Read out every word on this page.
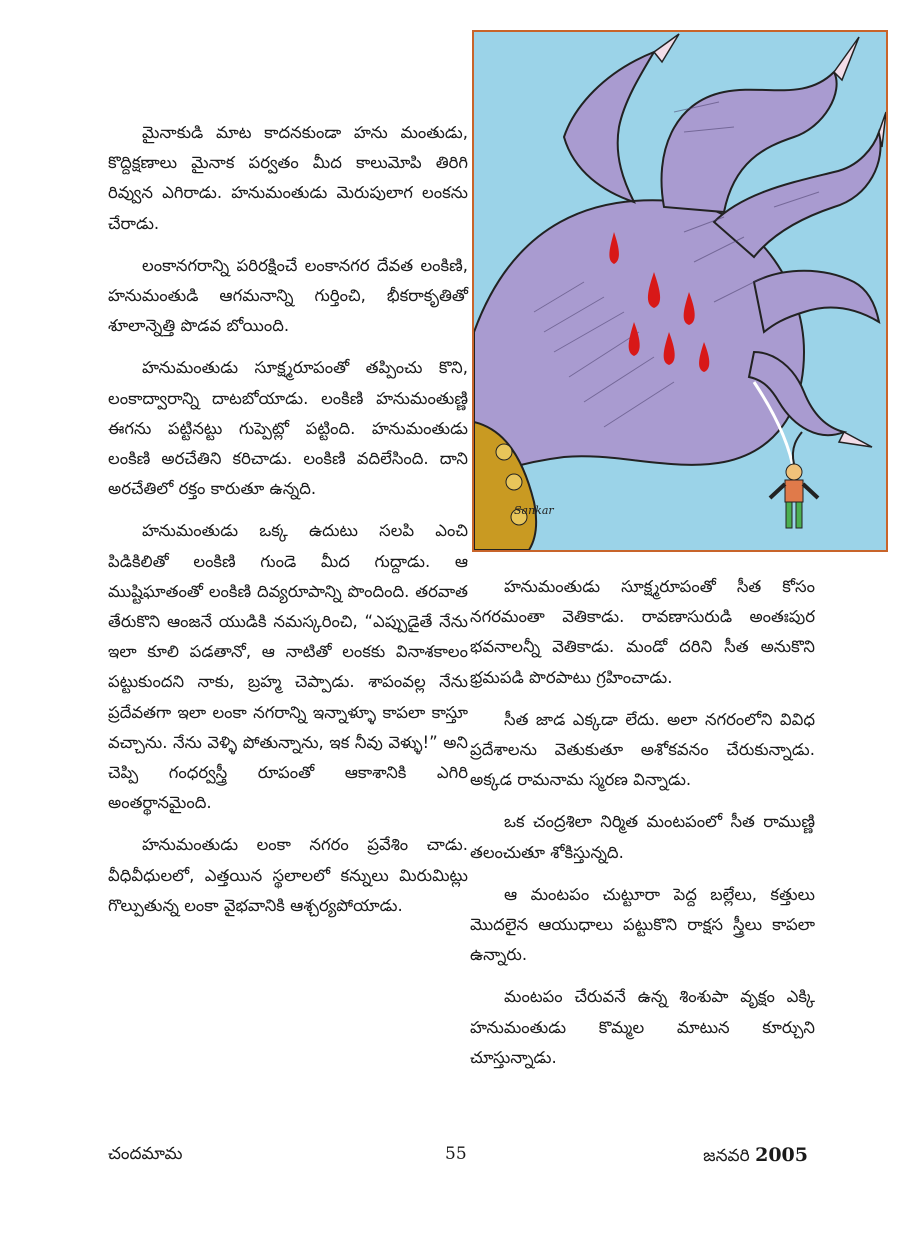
మైనాకుడి మాట కాదనకుండా హను మంతుడు, కొద్దిక్షణాలు మైనాక పర్వతం మీద కాలుమోపి తిరిగి రివ్వున ఎగిరాడు. హనుమంతుడు మెరుపులాగ లంకను చేరాడు.

లంకానగరాన్ని పరిరక్షించే లంకానగర దేవత లంకిణి, హనుమంతుడి ఆగమనాన్ని గుర్తించి, భీకరాకృతితో శూలాన్నెత్తి పొడవ బోయింది.

హనుమంతుడు సూక్ష్మరూపంతో తప్పించు కొని, లంకాద్వారాన్ని దాటబోయాడు. లంకిణి హనుమంతుణ్ణి ఈగను పట్టినట్టు గుప్పెట్లో పట్టింది. హనుమంతుడు లంకిణి అరచేతిని కరిచాడు. లంకిణి వదిలేసింది. దాని అరచేతిలో రక్తం కారుతూ ఉన్నది.

హనుమంతుడు ఒక్క ఉదుటు సలపి ఎంచి పిడికిలితో లంకిణి గుండె మీద గుద్దాడు. ఆ ముష్టిఘాతంతో లంకిణి దివ్యరూపాన్ని పొందింది. తరవాత తేరుకొని ఆంజనే యుడికి నమస్కరించి, “ఎప్పుడైతే నేను ఇలా కూలి పడతానో, ఆ నాటితో లంకకు వినాశకాలం పట్టుకుందని నాకు, బ్రహ్మ చెప్పాడు. శాపంవల్ల నేను ప్రదేవతగా ఇలా లంకా నగరాన్ని ఇన్నాళ్ళూ కాపలా కాస్తూ వచ్చాను. నేను వెళ్ళి పోతున్నాను, ఇక నీవు వెళ్ళు!” అని చెప్పి గంధర్వస్త్రీ రూపంతో ఆకాశానికి ఎగిరి అంతర్థానమైంది.

హనుమంతుడు లంకా నగరం ప్రవేశిం చాడు. వీధివీధులలో, ఎత్తయిన స్థలాలలో కన్నులు మిరుమిట్లు గొల్పుతున్న లంకా వైభవానికి ఆశ్చర్యపోయాడు.

Sankar

హనుమంతుడు సూక్ష్మరూపంతో సీత కోసం నగరమంతా వెతికాడు. రావణాసురుడి అంతఃపుర భవనాలన్నీ వెతికాడు. మండో దరిని సీత అనుకొని భ్రమపడి పొరపాటు గ్రహించాడు.

సీత జాడ ఎక్కడా లేదు. అలా నగరంలోని వివిధ ప్రదేశాలను వెతుకుతూ అశోకవనం చేరుకున్నాడు. అక్కడ రామనామ స్మరణ విన్నాడు.

ఒక చంద్రశిలా నిర్మిత మంటపంలో సీత రాముణ్ణి తలంచుతూ శోకిస్తున్నది.

ఆ మంటపం చుట్టూరా పెద్ద బల్లేలు, కత్తులు మొదలైన ఆయుధాలు పట్టుకొని రాక్షస స్త్రీలు కాపలా ఉన్నారు.

మంటపం చేరువనే ఉన్న శింశుపా వృక్షం ఎక్కి హనుమంతుడు కొమ్మల మాటున కూర్చుని చూస్తున్నాడు.

చందమామ	55	జనవరి 2005
